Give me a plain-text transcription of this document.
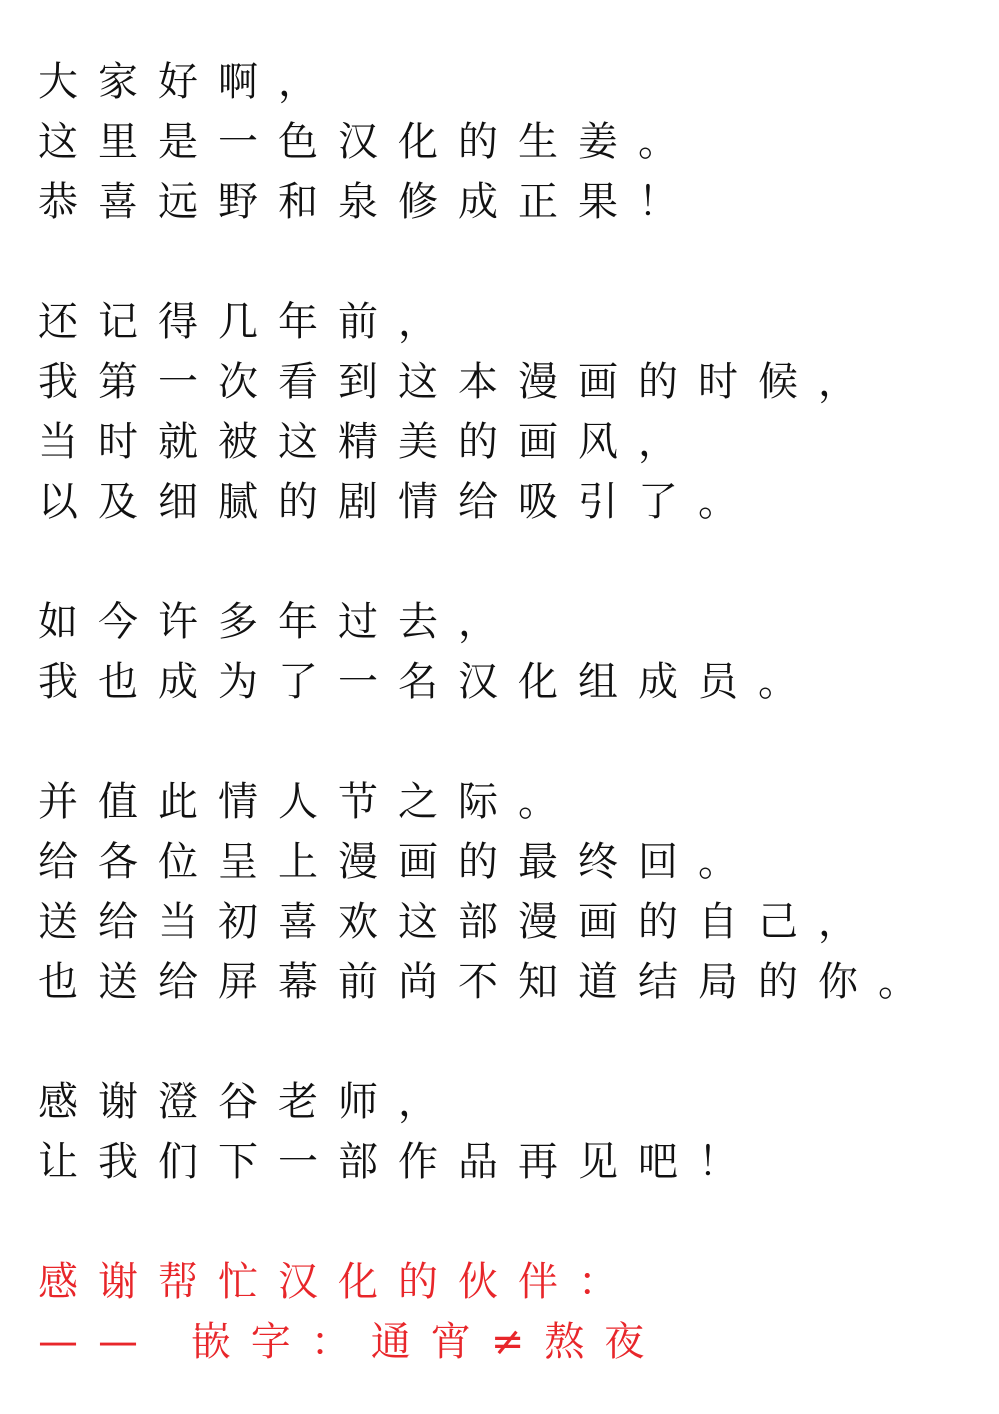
大家好啊，
这里是一色汉化的生姜。
恭喜远野和泉修成正果！
还记得几年前，
我第一次看到这本漫画的时候，
当时就被这精美的画风，
以及细腻的剧情给吸引了。
如今许多年过去，
我也成为了一名汉化组成员。
并值此情人节之际。
给各位呈上漫画的最终回。
送给当初喜欢这部漫画的自己，
也送给屏幕前尚不知道结局的你。
感谢澄谷老师，
让我们下一部作品再见吧！
感谢帮忙汉化的伙伴：
—— 嵌字：通宵≠熬夜
